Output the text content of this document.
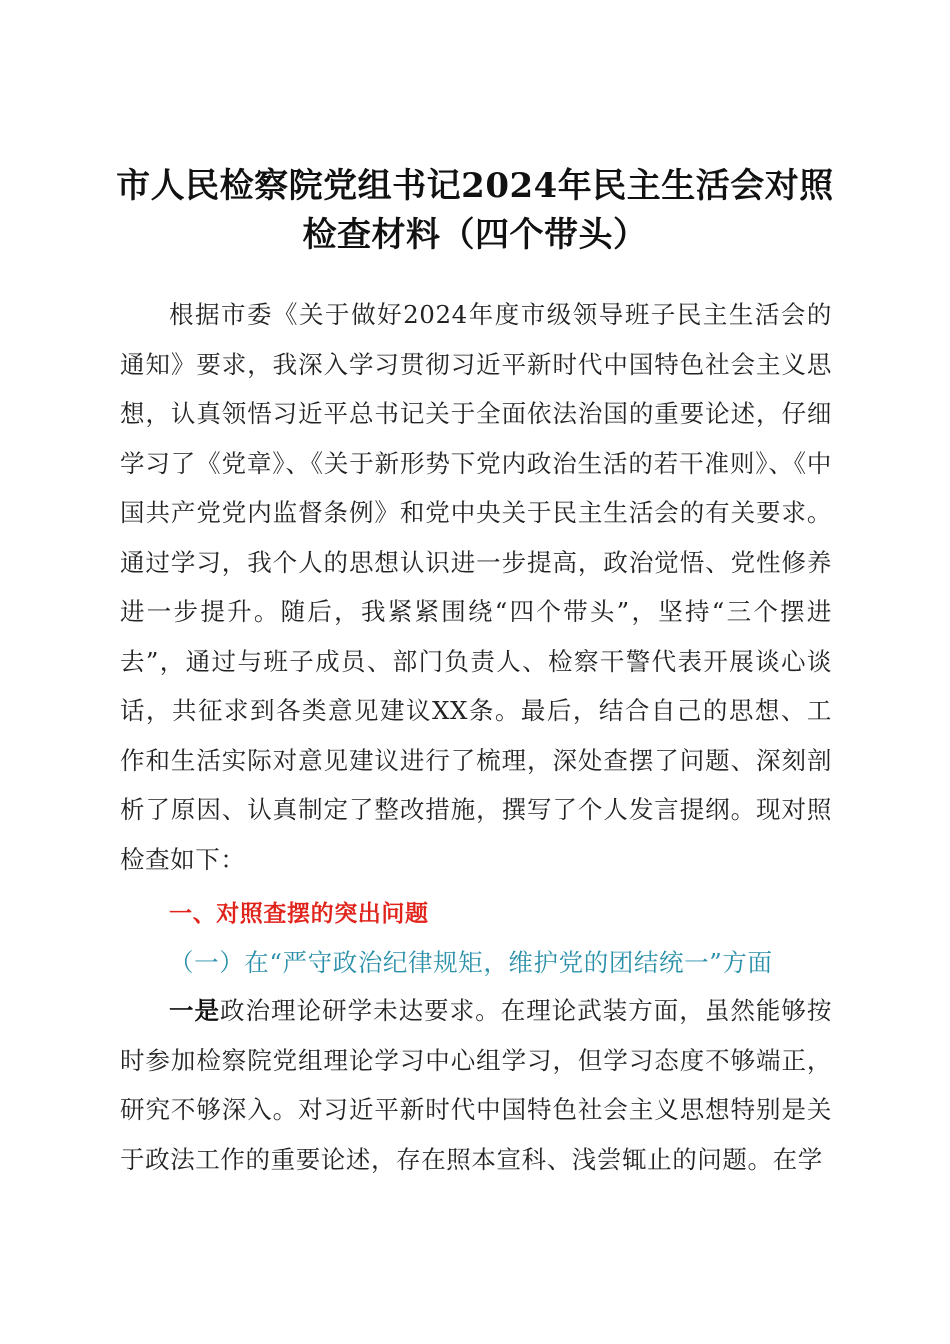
市人民检察院党组书记2024年民主生活会对照检查材料（四个带头）

根据市委《关于做好2024年度市级领导班子民主生活会的通知》要求，我深入学习贯彻习近平新时代中国特色社会主义思想，认真领悟习近平总书记关于全面依法治国的重要论述，仔细学习了《党章》、《关于新形势下党内政治生活的若干准则》、《中国共产党党内监督条例》和党中央关于民主生活会的有关要求。通过学习，我个人的思想认识进一步提高，政治觉悟、党性修养进一步提升。随后，我紧紧围绕“四个带头”，坚持“三个摆进去”，通过与班子成员、部门负责人、检察干警代表开展谈心谈话，共征求到各类意见建议XX条。最后，结合自己的思想、工作和生活实际对意见建议进行了梳理，深处查摆了问题、深刻剖析了原因、认真制定了整改措施，撰写了个人发言提纲。现对照检查如下：

一、对照查摆的突出问题

（一）在“严守政治纪律规矩，维护党的团结统一”方面

一是政治理论研学未达要求。在理论武装方面，虽然能够按时参加检察院党组理论学习中心组学习，但学习态度不够端正，研究不够深入。对习近平新时代中国特色社会主义思想特别是关于政法工作的重要论述，存在照本宣科、浅尝辄止的问题。在学
